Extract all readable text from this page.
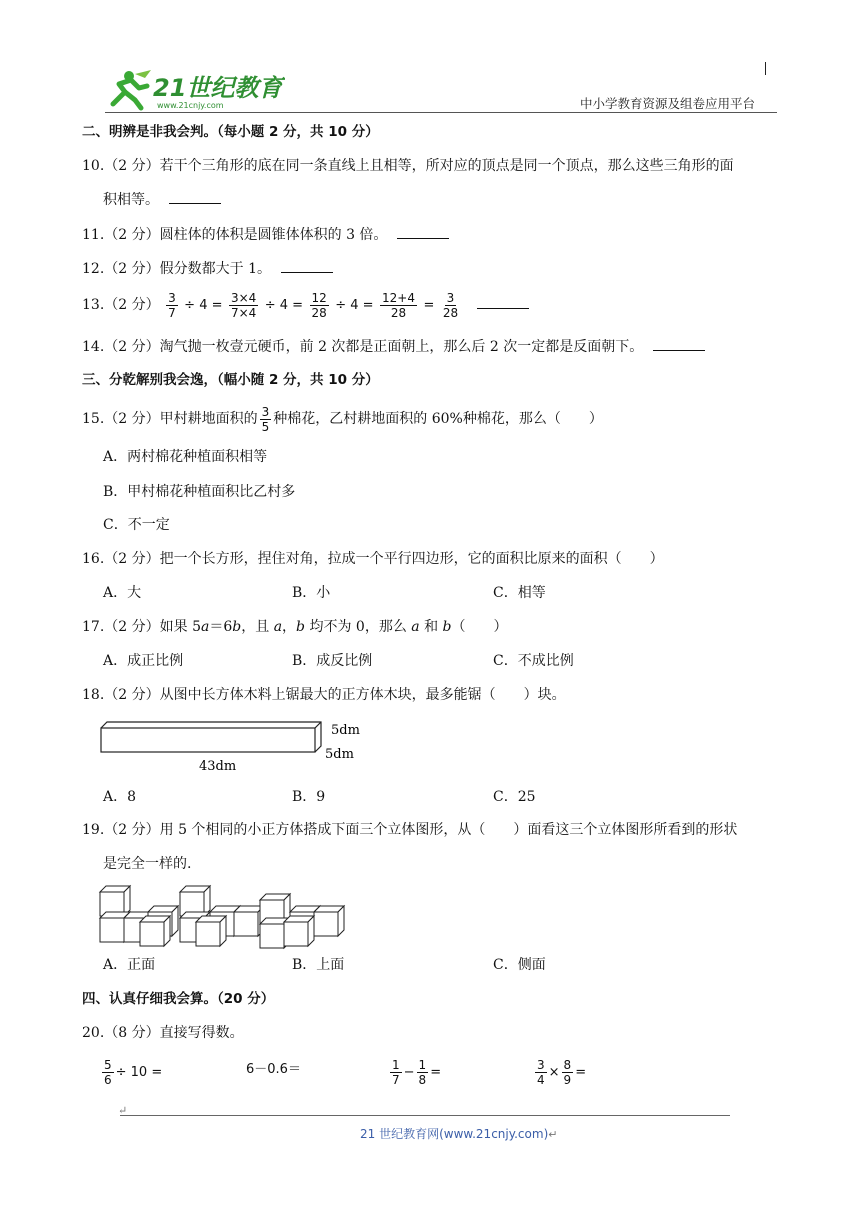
21世纪教育
www.21cnjy.com	中小学教育资源及组卷应用平台
二、明辨是非我会判。（每小题 2 分，共 10 分）
10.（2 分）若干个三角形的底在同一条直线上且相等，所对应的顶点是同一个顶点，那么这些三角形的面
积相等。
11.（2 分）圆柱体的体积是圆锥体体积的 3 倍。
12.（2 分）假分数都大于 1。
13.（2 分） $\frac{3}{7} \div 4 = \frac{3\times 4}{7\times 4} \div 4 = \frac{12}{28} \div 4 = \frac{12+4}{28} = \frac{3}{28}$

14.（2 分）淘气抛一枚壹元硬币，前 2 次都是正面朝上，那么后 2 次一定都是反面朝下。
三、分乾解别我会逸，（幅小随 2 分，共 10 分）
15.（2 分）甲村耕地面积的 $\frac{3}{5}$ 种棉花，乙村耕地面积的 60%种棉花，那么（　　）
A．两村棉花种植面积相等
B．甲村棉花种植面积比乙村多
C．不一定
16.（2 分）把一个长方形，捏住对角，拉成一个平行四边形，它的面积比原来的面积（　　）
A．大	B．小	C．相等
17.（2 分）如果 5a＝6b，且 a，b 均不为 0，那么 a 和 b（　　）
A．成正比例	B．成反比例	C．不成比例
18.（2 分）从图中长方体木料上锯最大的正方体木块，最多能锯（　　）块。
5dm
5dm
43dm
A．8	B．9	C．25
19.（2 分）用 5 个相同的小正方体搭成下面三个立体图形，从（　　）面看这三个立体图形所看到的形状
是完全一样的.
A．正面	B．上面	C．侧面
四、认真仔细我会算。（20 分）
20.（8 分）直接写得数。
$\frac{5}{6} \div 10$ =	6－0.6＝	$\frac{1}{7} - \frac{1}{8}$ =	$\frac{3}{4} \times \frac{8}{9}$ =
↵
21 世纪教育网(www.21cnjy.com)↵
